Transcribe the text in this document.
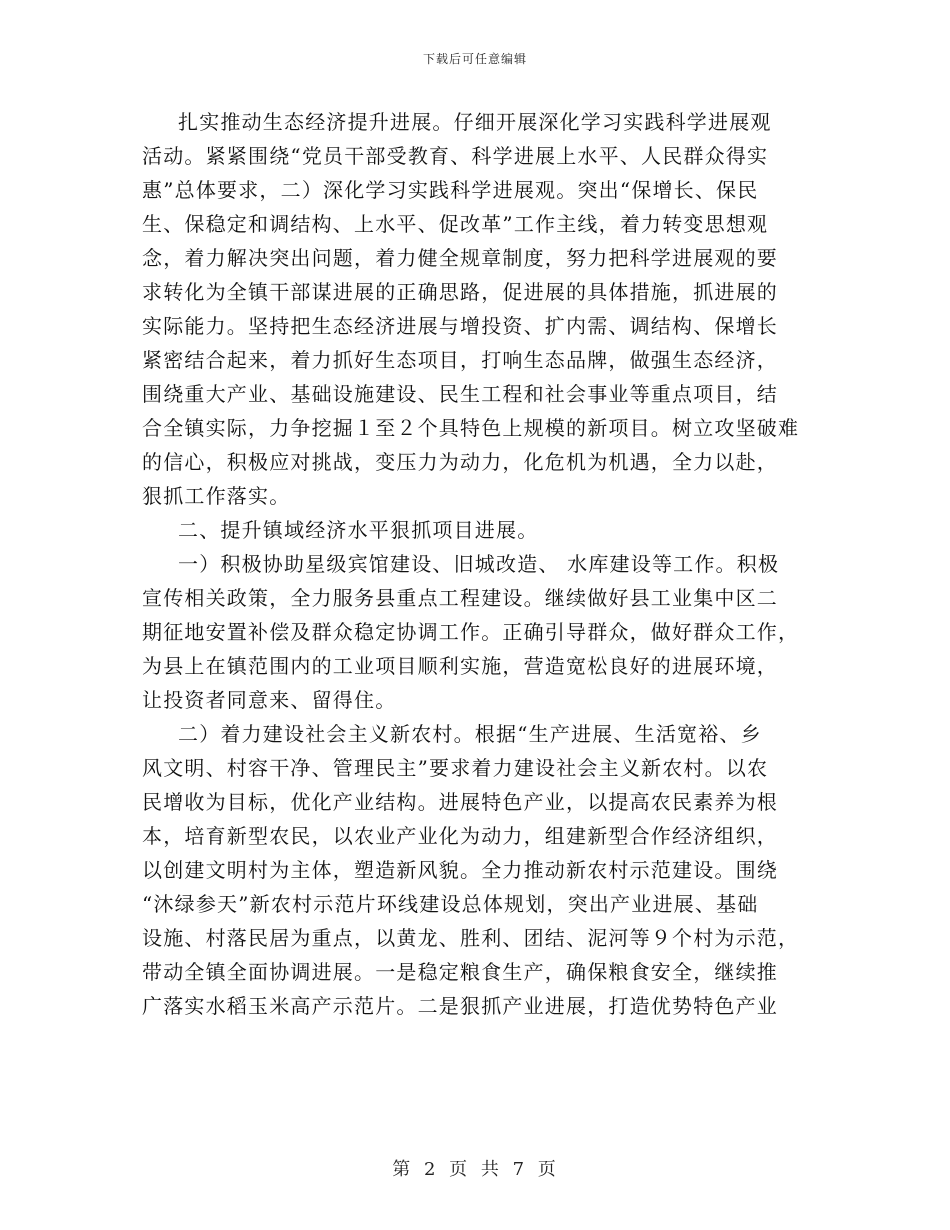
下载后可任意编辑
扎实推动生态经济提升进展。仔细开展深化学习实践科学进展观
活动。紧紧围绕“党员干部受教育、科学进展上水平、人民群众得实
惠”总体要求，二）深化学习实践科学进展观。突出“保增长、保民
生、保稳定和调结构、上水平、促改革”工作主线，着力转变思想观
念，着力解决突出问题，着力健全规章制度，努力把科学进展观的要
求转化为全镇干部谋进展的正确思路，促进展的具体措施，抓进展的
实际能力。坚持把生态经济进展与增投资、扩内需、调结构、保增长
紧密结合起来，着力抓好生态项目，打响生态品牌，做强生态经济，
围绕重大产业、基础设施建设、民生工程和社会事业等重点项目，结
合全镇实际，力争挖掘１至２个具特色上规模的新项目。树立攻坚破难
的信心，积极应对挑战，变压力为动力，化危机为机遇，全力以赴，
狠抓工作落实。
二、提升镇域经济水平狠抓项目进展。
一）积极协助星级宾馆建设、旧城改造、 水库建设等工作。积极
宣传相关政策，全力服务县重点工程建设。继续做好县工业集中区二
期征地安置补偿及群众稳定协调工作。正确引导群众，做好群众工作，
为县上在镇范围内的工业项目顺利实施，营造宽松良好的进展环境，
让投资者同意来、留得住。
二）着力建设社会主义新农村。根据“生产进展、生活宽裕、乡
风文明、村容干净、管理民主”要求着力建设社会主义新农村。以农
民增收为目标，优化产业结构。进展特色产业，以提高农民素养为根
本，培育新型农民，以农业产业化为动力，组建新型合作经济组织，
以创建文明村为主体，塑造新风貌。全力推动新农村示范建设。围绕
“沐绿参天”新农村示范片环线建设总体规划，突出产业进展、基础
设施、村落民居为重点，以黄龙、胜利、团结、泥河等９个村为示范，
带动全镇全面协调进展。一是稳定粮食生产，确保粮食安全，继续推
广落实水稻玉米高产示范片。二是狠抓产业进展，打造优势特色产业
第 2 页 共 7 页
